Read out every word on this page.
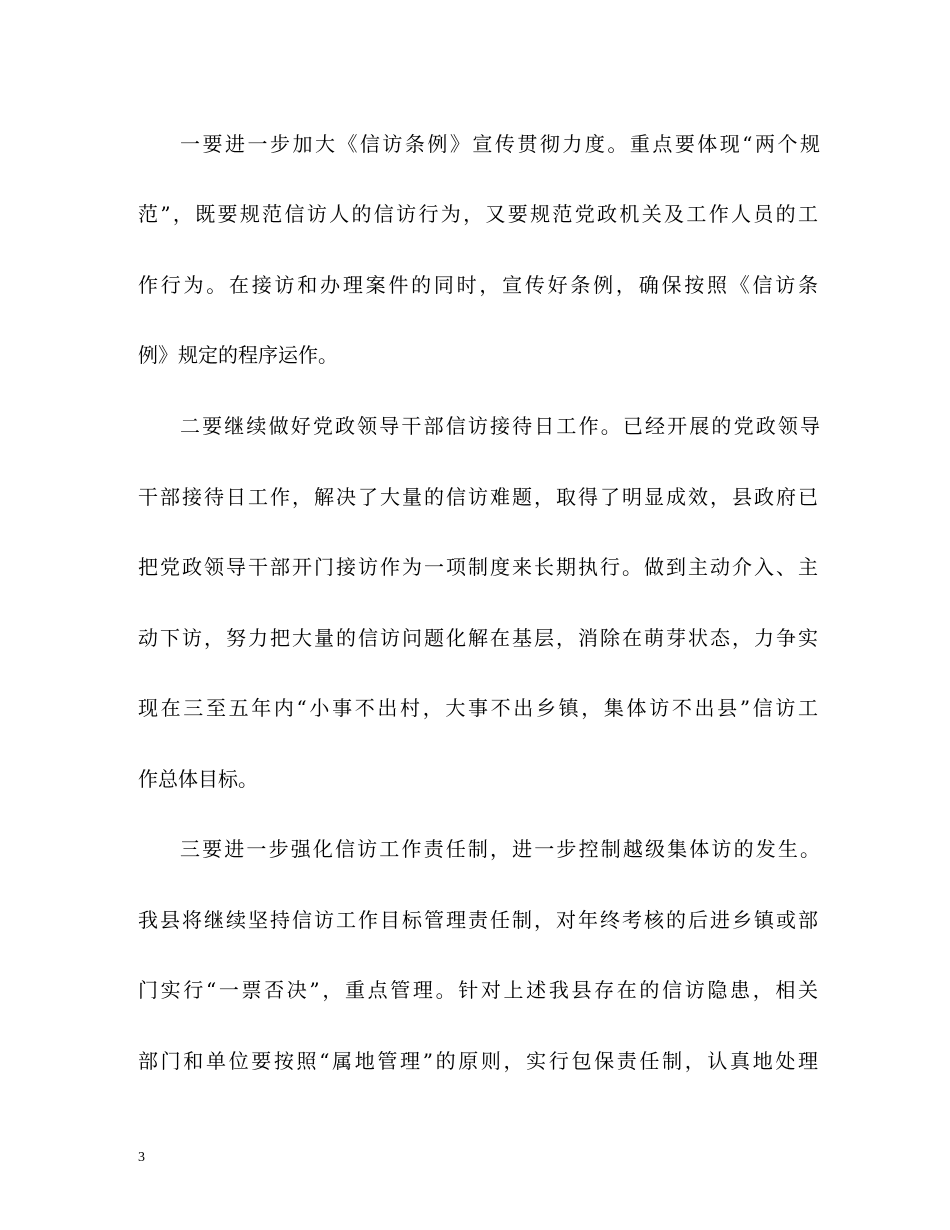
一要进一步加大《信访条例》宣传贯彻力度。重点要体现“两个规
范”，既要规范信访人的信访行为，又要规范党政机关及工作人员的工
作行为。在接访和办理案件的同时，宣传好条例，确保按照《信访条
例》规定的程序运作。
二要继续做好党政领导干部信访接待日工作。已经开展的党政领导
干部接待日工作，解决了大量的信访难题，取得了明显成效，县政府已
把党政领导干部开门接访作为一项制度来长期执行。做到主动介入、主
动下访，努力把大量的信访问题化解在基层，消除在萌芽状态，力争实
现在三至五年内“小事不出村，大事不出乡镇，集体访不出县”信访工
作总体目标。
三要进一步强化信访工作责任制，进一步控制越级集体访的发生。
我县将继续坚持信访工作目标管理责任制，对年终考核的后进乡镇或部
门实行“一票否决”，重点管理。针对上述我县存在的信访隐患，相关
部门和单位要按照“属地管理”的原则，实行包保责任制，认真地处理
3
